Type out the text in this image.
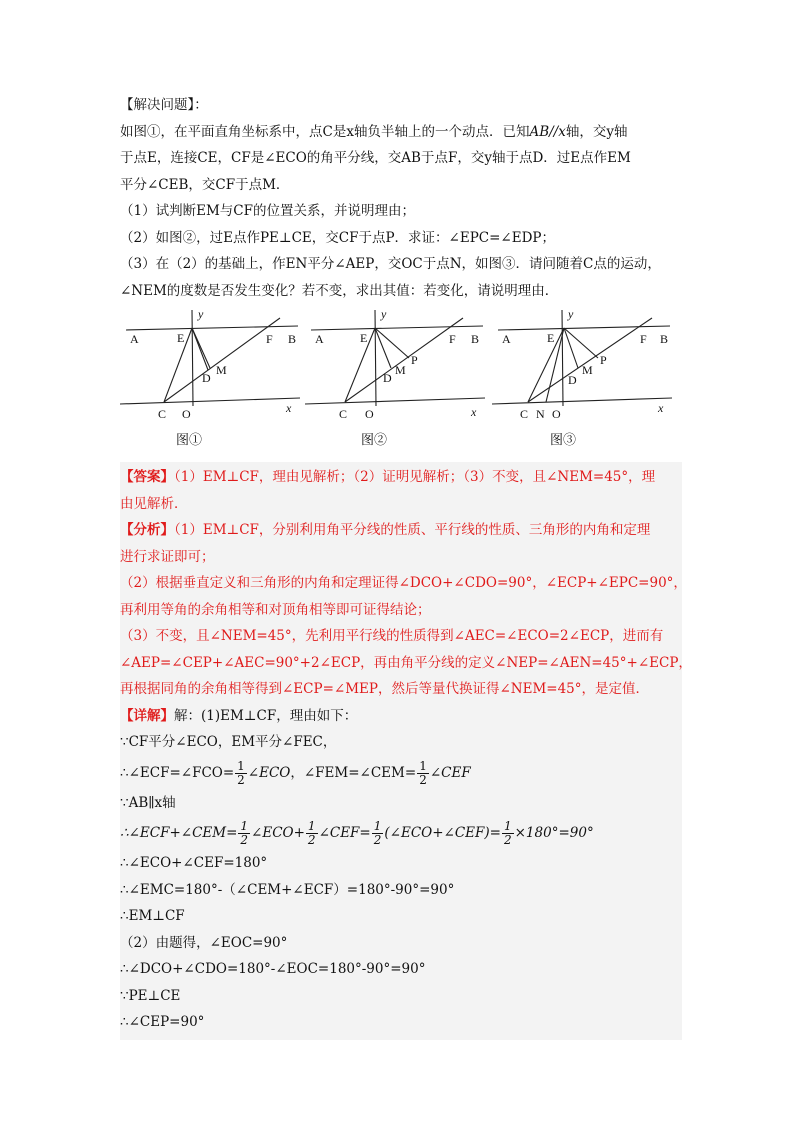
【解决问题】：
如图①，在平面直角坐标系中，点C是x轴负半轴上的一个动点．已知AB//x轴，交y轴
于点E，连接CE，CF是∠ECO的角平分线，交AB于点F，交y轴于点D．过E点作EM
平分∠CEB，交CF于点M．
（1）试判断EM与CF的位置关系，并说明理由；
（2）如图②，过E点作PE⊥CE，交CF于点P．求证：∠EPC=∠EDP；
（3）在（2）的基础上，作EN平分∠AEP，交OC于点N，如图③．请问随着C点的运动，
∠NEM的度数是否发生变化？若不变，求出其值：若变化，请说明理由．
A	E	F B
D
M
C O	x
y
图①
A	E	F B
D
M
P
C O	x
y
图②
A	E	F B
D
M
P
C N O	x
y
图③
【答案】（1）EM⊥CF，理由见解析；（2）证明见解析；（3）不变，且∠NEM=45°，理
由见解析．
【分析】（1）EM⊥CF，分别利用角平分线的性质、平行线的性质、三角形的内角和定理
进行求证即可；
（2）根据垂直定义和三角形的内角和定理证得∠DCO+∠CDO=90°，∠ECP+∠EPC=90°，
再利用等角的余角相等和对顶角相等即可证得结论；
（3）不变，且∠NEM=45°，先利用平行线的性质得到∠AEC=∠ECO=2∠ECP，进而有
∠AEP=∠CEP+∠AEC=90°+2∠ECP，再由角平分线的定义∠NEP=∠AEN=45°+∠ECP，
再根据同角的余角相等得到∠ECP=∠MEP，然后等量代换证得∠NEM=45°，是定值．
【详解】解：(1)EM⊥CF，理由如下：
∵CF平分∠ECO，EM平分∠FEC，
∴∠ECF=∠FCO= $\frac{1}{2}$ ∠ECO，∠FEM=∠CEM= $\frac{1}{2}$ ∠CEF
∵AB∥x轴
∴∠ECF+∠CEM= $\frac{1}{2}$ ∠ECO+ $\frac{1}{2}$ ∠CEF= $\frac{1}{2}$ (∠ECO+∠CEF)= $\frac{1}{2} \times 180^\circ=90^\circ$
∴∠ECO+∠CEF=180°
∴∠EMC=180°-（∠CEM+∠ECF）=180°-90°=90°
∴EM⊥CF
（2）由题得，∠EOC=90°
∴∠DCO+∠CDO=180°-∠EOC=180°-90°=90°
∵PE⊥CE
∴∠CEP=90°
